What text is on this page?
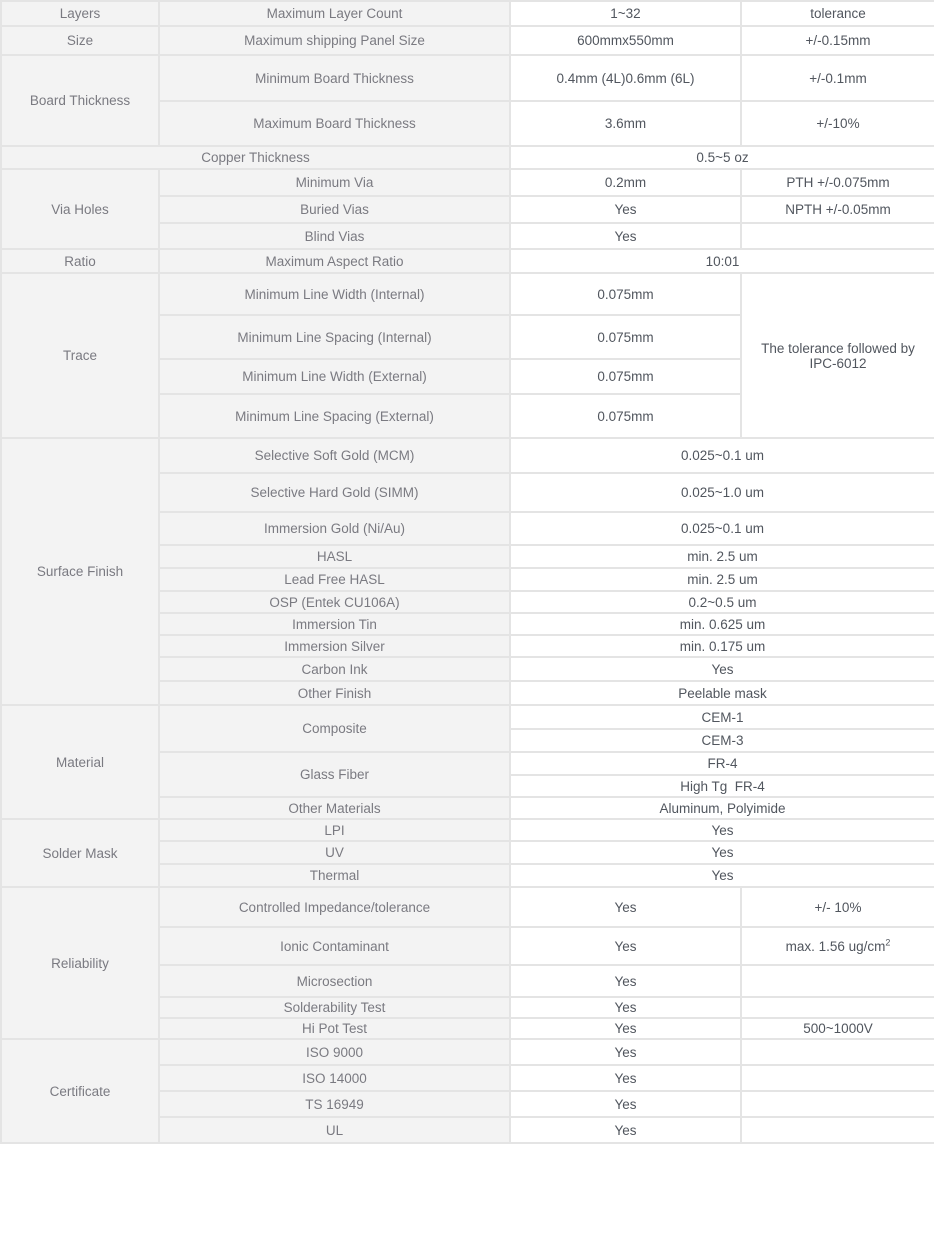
Layers	Maximum Layer Count	1~32	tolerance
Size	Maximum shipping Panel Size	600mmx550mm	+/-0.15mm
Board Thickness	Minimum Board Thickness	0.4mm (4L)0.6mm (6L)	+/-0.1mm
	Maximum Board Thickness	3.6mm	+/-10%
Copper Thickness		0.5~5 oz	
Via Holes	Minimum Via	0.2mm	PTH +/-0.075mm
	Buried Vias	Yes	NPTH +/-0.05mm
	Blind Vias	Yes	
Ratio	Maximum Aspect Ratio	10:01	
Trace	Minimum Line Width (Internal)	0.075mm	The tolerance followed by IPC-6012
	Minimum Line Spacing (Internal)	0.075mm	
	Minimum Line Width (External)	0.075mm	
	Minimum Line Spacing (External)	0.075mm	
Surface Finish	Selective Soft Gold (MCM)	0.025~0.1 um	
	Selective Hard Gold (SIMM)	0.025~1.0 um	
	Immersion Gold (Ni/Au)	0.025~0.1 um	
	HASL	min. 2.5 um	
	Lead Free HASL	min. 2.5 um	
	OSP (Entek CU106A)	0.2~0.5 um	
	Immersion Tin	min. 0.625 um	
	Immersion Silver	min. 0.175 um	
	Carbon Ink	Yes	
	Other Finish	Peelable mask	
Material	Composite	CEM-1	
		CEM-3	
	Glass Fiber	FR-4	
		High Tg  FR-4	
	Other Materials	Aluminum, Polyimide	
Solder Mask	LPI	Yes	
	UV	Yes	
	Thermal	Yes	
Reliability	Controlled Impedance/tolerance	Yes	+/- 10%
	Ionic Contaminant	Yes	max. 1.56 $ug/cm^2$
	Microsection	Yes	
	Solderability Test	Yes	
	Hi Pot Test	Yes	500~1000V
Certificate	ISO 9000	Yes	
	ISO 14000	Yes	
	TS 16949	Yes	
	UL	Yes	
